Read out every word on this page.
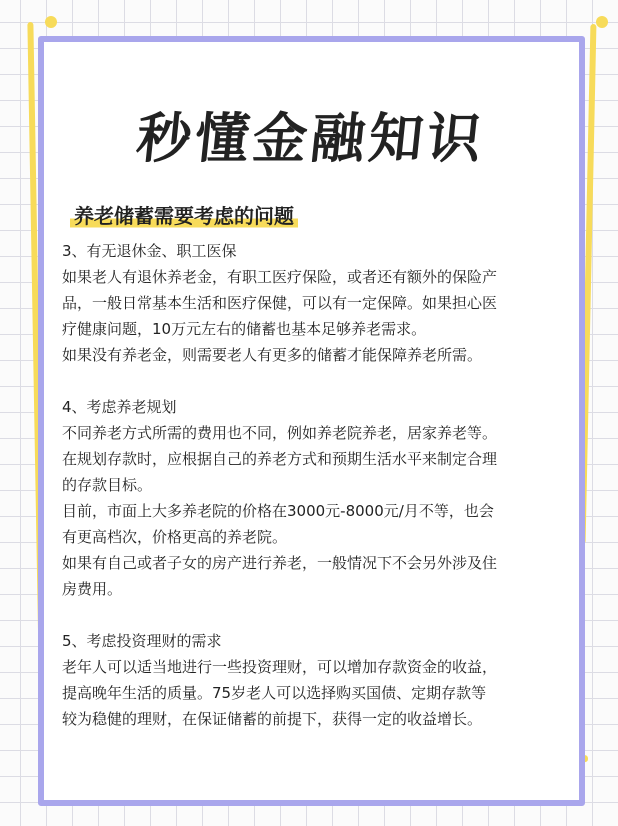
秒懂金融知识
养老储蓄需要考虑的问题
3、有无退休金、职工医保
如果老人有退休养老金，有职工医疗保险，或者还有额外的保险产
品，一般日常基本生活和医疗保健，可以有一定保障。如果担心医
疗健康问题，10万元左右的储蓄也基本足够养老需求。
如果没有养老金，则需要老人有更多的储蓄才能保障养老所需。
4、考虑养老规划
不同养老方式所需的费用也不同，例如养老院养老，居家养老等。
在规划存款时，应根据自己的养老方式和预期生活水平来制定合理
的存款目标。
目前，市面上大多养老院的价格在3000元-8000元/月不等，也会
有更高档次，价格更高的养老院。
如果有自己或者子女的房产进行养老，一般情况下不会另外涉及住
房费用。
5、考虑投资理财的需求
老年人可以适当地进行一些投资理财，可以增加存款资金的收益，
提高晚年生活的质量。75岁老人可以选择购买国债、定期存款等
较为稳健的理财，在保证储蓄的前提下，获得一定的收益增长。
